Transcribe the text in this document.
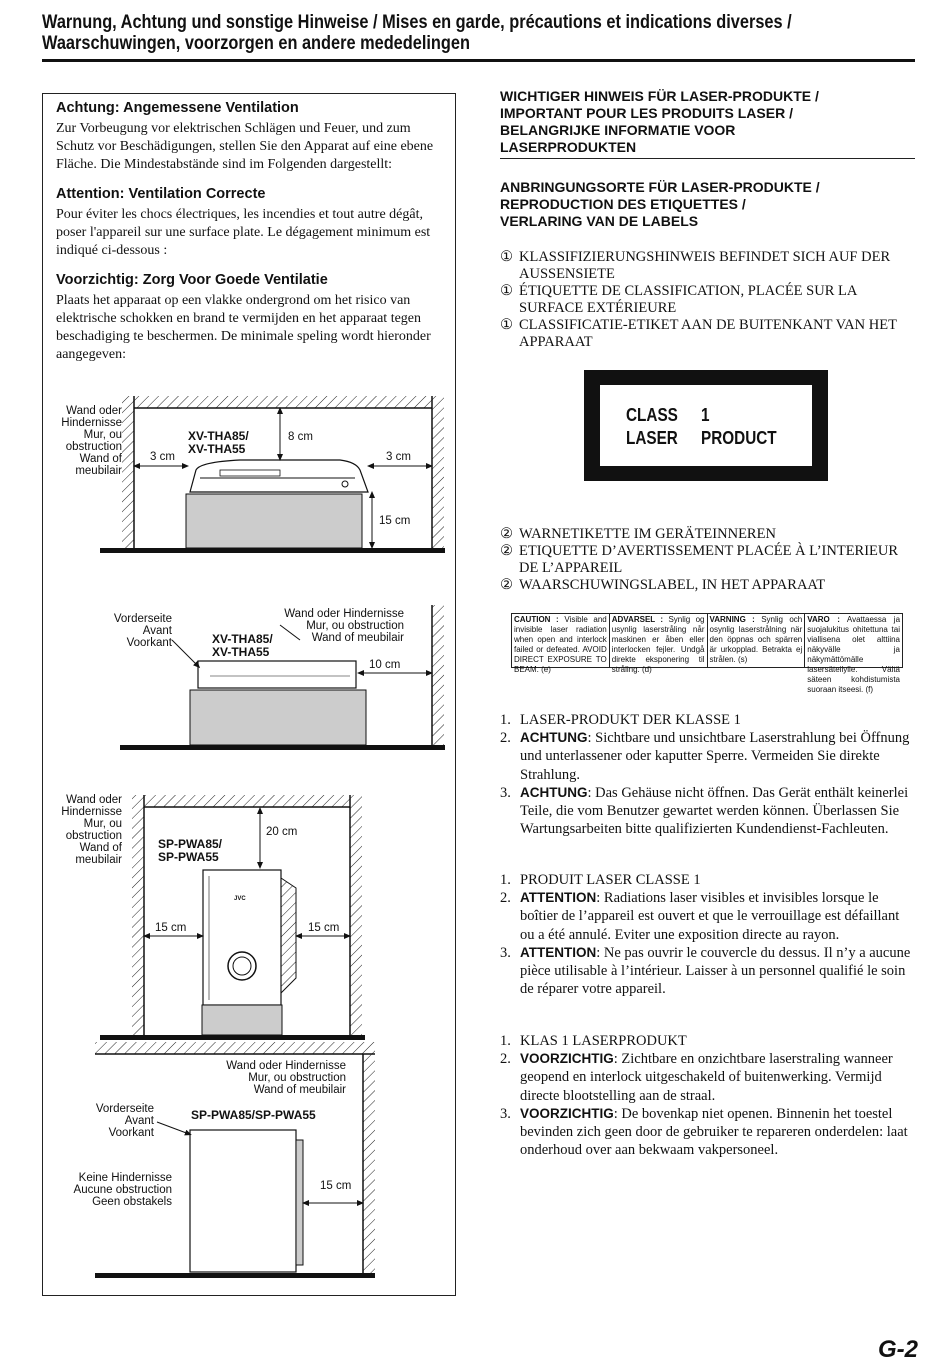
Warnung, Achtung und sonstige Hinweise / Mises en garde, précautions et indications diverses /
Waarschuwingen, voorzorgen en andere mededelingen
Achtung: Angemessene Ventilation
Zur Vorbeugung vor elektrischen Schlägen und Feuer, und zum Schutz vor Beschädigungen, stellen Sie den Apparat auf eine ebene Fläche. Die Mindestabstände sind im Folgenden dargestellt:
Attention: Ventilation Correcte
Pour éviter les chocs électriques, les incendies et tout autre dégât, poser l'appareil sur une surface plate. Le dégagement minimum est indiqué ci-dessous :
Voorzichtig: Zorg Voor Goede Ventilatie
Plaats het apparaat op een vlakke ondergrond om het risico van elektrische schokken en brand te vermijden en het apparaat tegen beschadiging te beschermen. De minimale speling wordt hieronder aangegeven:
Wand oder
Hindernisse
Mur, ou
obstruction
Wand of
meubilair
XV-THA85/
XV-THA55
8 cm
3 cm	3 cm
15 cm
Vorderseite
Avant
Voorkant
Wand oder Hindernisse
Mur, ou obstruction
Wand of meubilair
XV-THA85/
XV-THA55
10 cm
Wand oder
Hindernisse
Mur, ou
obstruction
Wand of
meubilair
SP-PWA85/
SP-PWA55
20 cm
15 cm	15 cm
JVC
Wand oder Hindernisse
Mur, ou obstruction
Wand of meubilair
Vorderseite
Avant
Voorkant
SP-PWA85/SP-PWA55
Keine Hindernisse
Aucune obstruction
Geen obstakels
15 cm
WICHTIGER HINWEIS FÜR LASER-PRODUKTE /
IMPORTANT POUR LES PRODUITS LASER /
BELANGRIJKE INFORMATIE VOOR
LASERPRODUKTEN
ANBRINGUNGSORTE FÜR LASER-PRODUKTE /
REPRODUCTION DES ETIQUETTES /
VERLARING VAN DE LABELS
① KLASSIFIZIERUNGSHINWEIS BEFINDET SICH AUF DER AUSSENSIETE
① ÉTIQUETTE DE CLASSIFICATION, PLACÉE SUR LA SURFACE EXTÉRIEURE
① CLASSIFICATIE-ETIKET AAN DE BUITENKANT VAN HET APPARAAT
CLASS 1
LASER PRODUCT
② WARNETIKETTE IM GERÄTEINNEREN
② ETIQUETTE D’AVERTISSEMENT PLACÉE À L’INTERIEUR DE L’APPAREIL
② WAARSCHUWINGSLABEL, IN HET APPARAAT
CAUTION : Visible and invisible laser radiation when open and interlock failed or defeated. AVOID DIRECT EXPOSURE TO BEAM. (e)
ADVARSEL : Synlig og usynlig laserstråling når maskinen er åben eller interlocken fejler. Undgå direkte eksponering til stråling. (d)
VARNING : Synlig och osynlig laserstrålning när den öppnas och spärren är urkopplad. Betrakta ej strålen. (s)
VARO : Avattaessa ja suojalukitus ohitettuna tai viallisena olet alttiina näkyvälle ja näkymättömälle lasersäteilylle. Vältä säteen kohdistumista suoraan itseesi. (f)
1. LASER-PRODUKT DER KLASSE 1
2. ACHTUNG: Sichtbare und unsichtbare Laserstrahlung bei Öffnung und unterlassener oder kaputter Sperre. Vermeiden Sie direkte Strahlung.
3. ACHTUNG: Das Gehäuse nicht öffnen. Das Gerät enthält keinerlei Teile, die vom Benutzer gewartet werden können. Überlassen Sie Wartungsarbeiten bitte qualifizierten Kundendienst-Fachleuten.
1. PRODUIT LASER CLASSE 1
2. ATTENTION: Radiations laser visibles et invisibles lorsque le boîtier de l’appareil est ouvert et que le verrouillage est défaillant ou a été annulé. Eviter une exposition directe au rayon.
3. ATTENTION: Ne pas ouvrir le couvercle du dessus. Il n’y a aucune pièce utilisable à l’intérieur. Laisser à un personnel qualifié le soin de réparer votre appareil.
1. KLAS 1 LASERPRODUKT
2. VOORZICHTIG: Zichtbare en onzichtbare laserstraling wanneer geopend en interlock uitgeschakeld of buitenwerking. Vermijd directe blootstelling aan de straal.
3. VOORZICHTIG: De bovenkap niet openen. Binnenin het toestel bevinden zich geen door de gebruiker te repareren onderdelen: laat onderhoud over aan bekwaam vakpersoneel.
G-2
